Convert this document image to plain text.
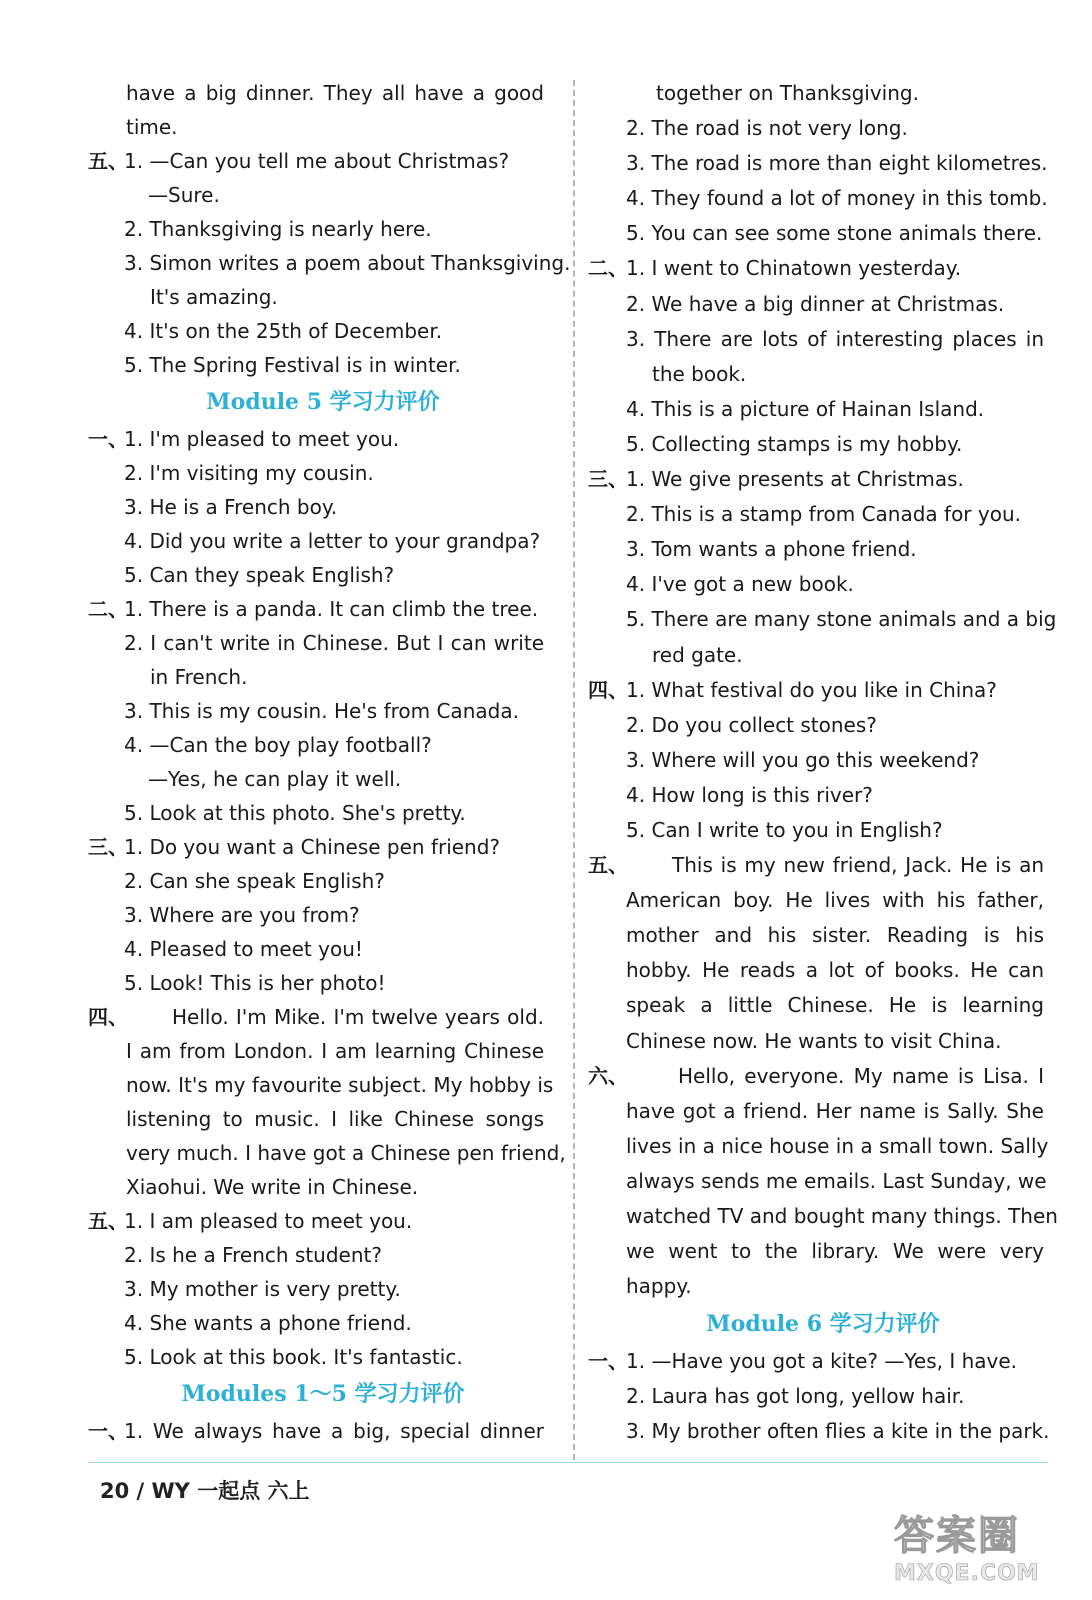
have a big dinner. They all have a good
time.
五、
1. —Can you tell me about Christmas?
—Sure.
2. Thanksgiving is nearly here.
3. Simon writes a poem about Thanksgiving.
It's amazing.
4. It's on the 25th of December.
5. The Spring Festival is in winter.
Module 5 学习力评价
一、
1. I'm pleased to meet you.
2. I'm visiting my cousin.
3. He is a French boy.
4. Did you write a letter to your grandpa?
5. Can they speak English?
二、
1. There is a panda. It can climb the tree.
2. I can't write in Chinese. But I can write
in French.
3. This is my cousin. He's from Canada.
4. —Can the boy play football?
—Yes, he can play it well.
5. Look at this photo. She's pretty.
三、
1. Do you want a Chinese pen friend?
2. Can she speak English?
3. Where are you from?
4. Pleased to meet you!
5. Look! This is her photo!
四、 Hello. I'm Mike. I'm twelve years old.
I am from London. I am learning Chinese
now. It's my favourite subject. My hobby is
listening to music. I like Chinese songs
very much. I have got a Chinese pen friend,
Xiaohui. We write in Chinese.
五、
1. I am pleased to meet you.
2. Is he a French student?
3. My mother is very pretty.
4. She wants a phone friend.
5. Look at this book. It's fantastic.
Modules 1～5 学习力评价
一、
1. We always have a big, special dinner
together on Thanksgiving.
2. The road is not very long.
3. The road is more than eight kilometres.
4. They found a lot of money in this tomb.
5. You can see some stone animals there.
二、
1. I went to Chinatown yesterday.
2. We have a big dinner at Christmas.
3. There are lots of interesting places in
the book.
4. This is a picture of Hainan Island.
5. Collecting stamps is my hobby.
三、
1. We give presents at Christmas.
2. This is a stamp from Canada for you.
3. Tom wants a phone friend.
4. I've got a new book.
5. There are many stone animals and a big
red gate.
四、
1. What festival do you like in China?
2. Do you collect stones?
3. Where will you go this weekend?
4. How long is this river?
5. Can I write to you in English?
五、 This is my new friend, Jack. He is an
American boy. He lives with his father,
mother and his sister. Reading is his
hobby. He reads a lot of books. He can
speak a little Chinese. He is learning
Chinese now. He wants to visit China.
六、	Hello, everyone. My name is Lisa. I
have got a friend. Her name is Sally. She
lives in a nice house in a small town. Sally
always sends me emails. Last Sunday, we
watched TV and bought many things. Then
we went to the library. We were very
happy.
Module 6 学习力评价
一、
1. —Have you got a kite? —Yes, I have.
2. Laura has got long, yellow hair.
3. My brother often flies a kite in the park.
20 / WY 一起点 六上
答案圈
MXQE.COM
